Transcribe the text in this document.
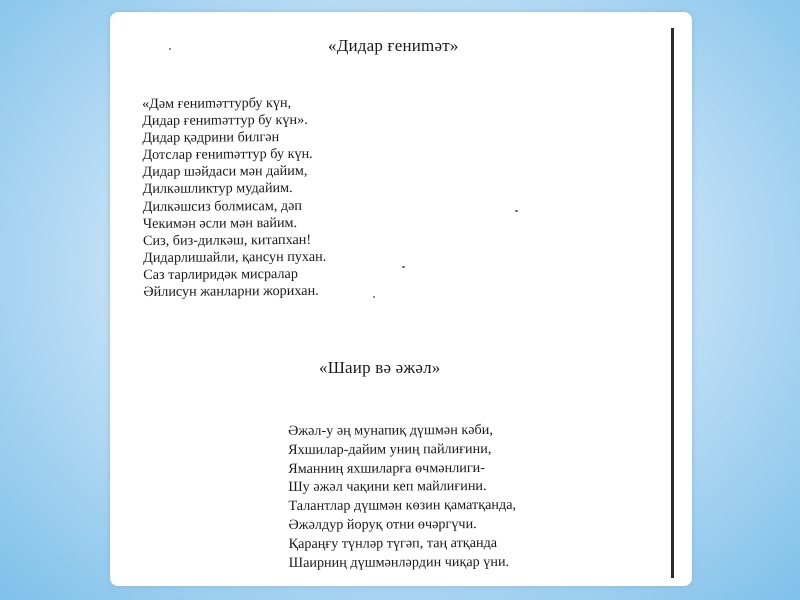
«Дидар ғениmәт»
«Дәм ғениmәттурбу күн,
Дидар ғениmәттур бу күн».
Дидар қәдрини билгән
Дотслар ғениmәттур бу күн.
Дидар шәйдаси мән дайим,
Дилкәшликтур мудайим.
Дилкәшсиз болмисам, дәп
Чекимән әсли мән вайим.
Сиз, биз-дилкәш, китапхан!
Дидарлишайли, қансун пухан.
Саз тарлиридәк мисралар
Әйлисун жанларни жорихан.
«Шаир вә әжәл»
Әжәл-у әң мунапиқ дүшмән кәби,
Яхшилар-дайим униң пайлиғини,
Яманниң яхшиларға өчмәнлиги-
Шу әжәл чақини кеп майлиғини.
Талантлар дүшмән көзин қаматқанда,
Әжәлдур йоруқ отни өчәргүчи.
Қараңғу түнләр түгәп, таң атқанда
Шаирниң дүшмәнләрдин чиқар үни.
